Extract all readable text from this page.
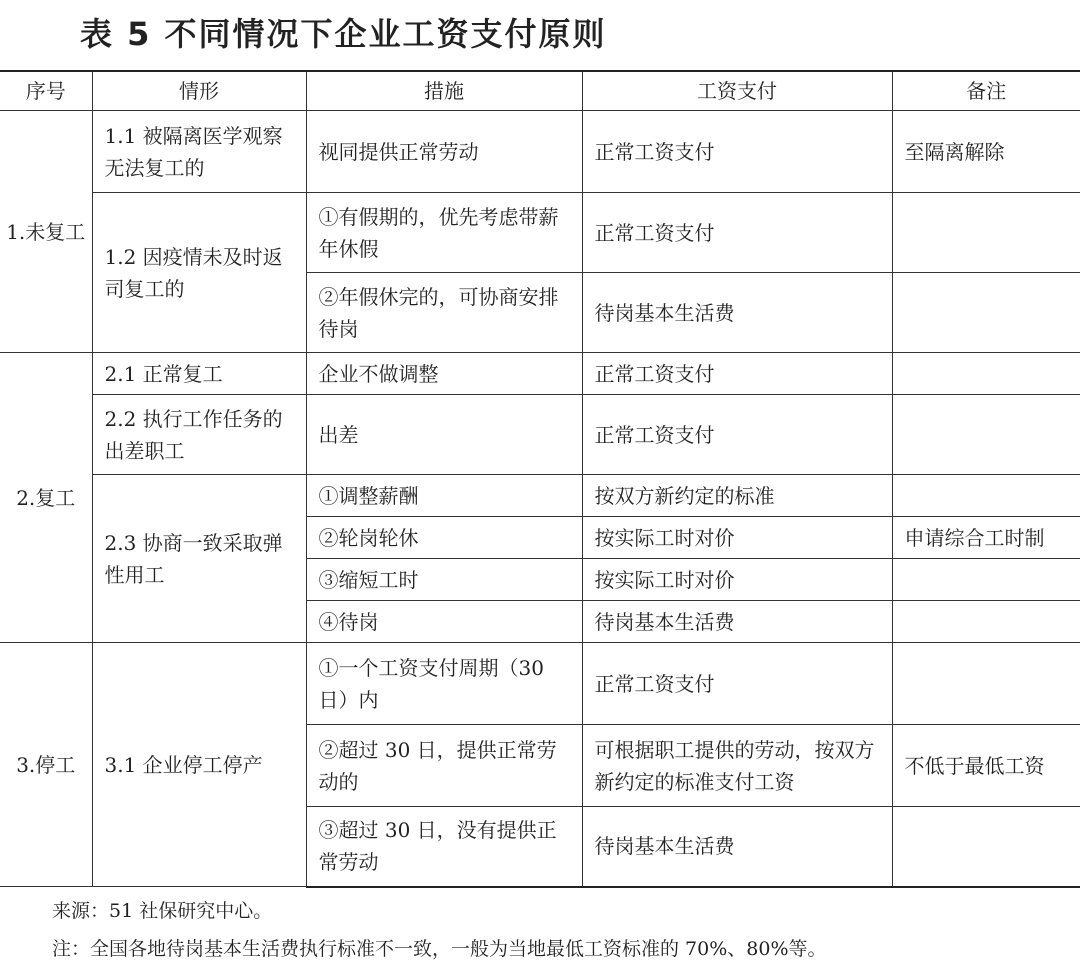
表 5 不同情况下企业工资支付原则
序号	情形	措施	工资支付	备注
1.未复工	1.1 被隔离医学观察无法复工的	视同提供正常劳动	正常工资支付	至隔离解除
	1.2 因疫情未及时返司复工的	①有假期的，优先考虑带薪年休假	正常工资支付	
		②年假休完的，可协商安排待岗	待岗基本生活费	
2.复工	2.1 正常复工	企业不做调整	正常工资支付	
	2.2 执行工作任务的出差职工	出差	正常工资支付	
	2.3 协商一致采取弹性用工	①调整薪酬	按双方新约定的标准	
		②轮岗轮休	按实际工时对价	申请综合工时制
		③缩短工时	按实际工时对价	
		④待岗	待岗基本生活费	
3.停工	3.1 企业停工停产	①一个工资支付周期（30日）内	正常工资支付	
		②超过 30 日，提供正常劳动的	可根据职工提供的劳动，按双方新约定的标准支付工资	不低于最低工资
		③超过 30 日，没有提供正常劳动	待岗基本生活费	
来源：51 社保研究中心。
注：全国各地待岗基本生活费执行标准不一致，一般为当地最低工资标准的 70%、80%等。
